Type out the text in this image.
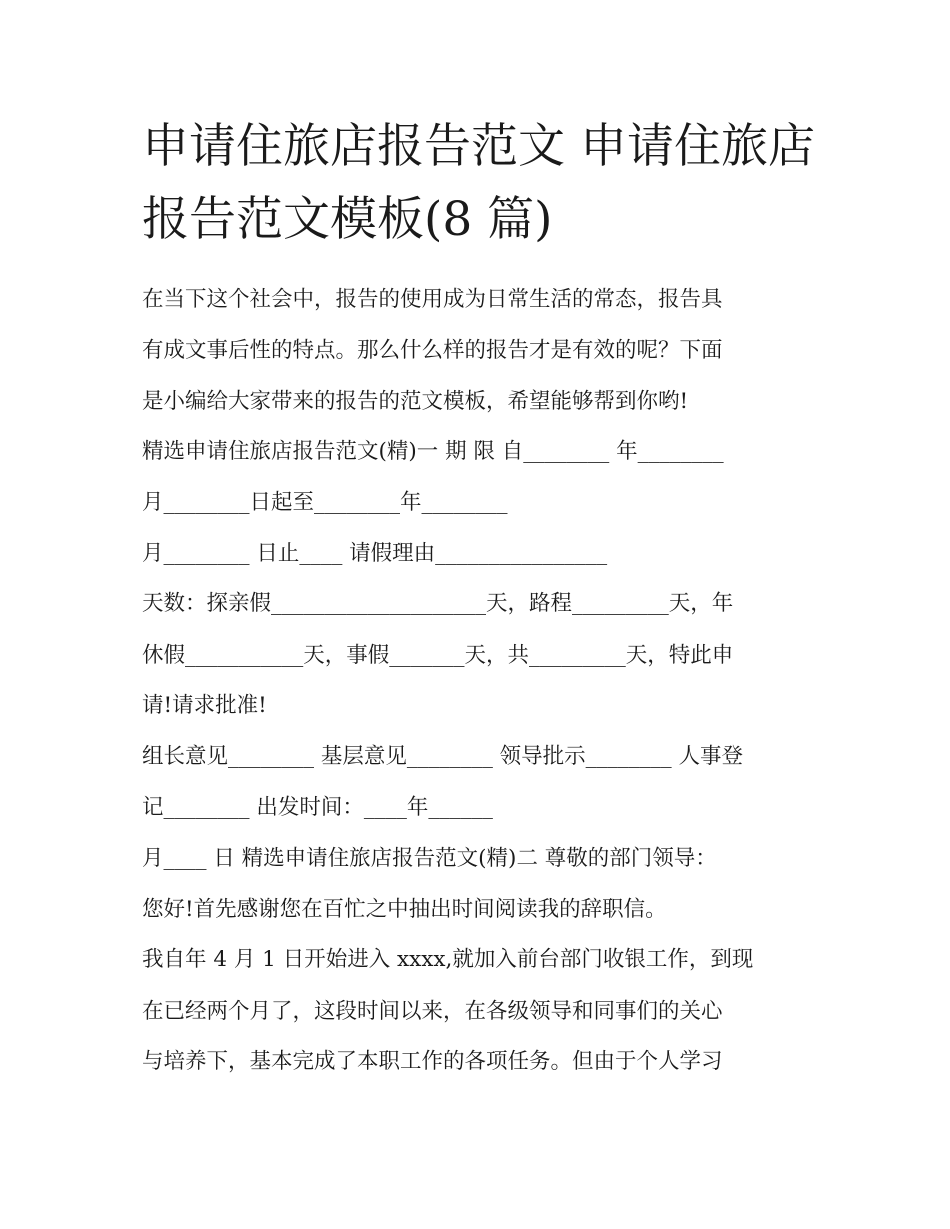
申请住旅店报告范文 申请住旅店报告范文模板(8 篇)
在当下这个社会中，报告的使用成为日常生活的常态，报告具
有成文事后性的特点。那么什么样的报告才是有效的呢？下面
是小编给大家带来的报告的范文模板，希望能够帮到你哟!
精选申请住旅店报告范文(精)一 期 限 自________ 年________
月________日起至________年________
月________ 日止____ 请假理由________________
天数：探亲假____________________天，路程_________天，年
休假___________天，事假_______天，共_________天，特此申
请!请求批准!
组长意见________ 基层意见________ 领导批示________ 人事登
记________ 出发时间：____年______
月____ 日 精选申请住旅店报告范文(精)二 尊敬的部门领导：
您好!首先感谢您在百忙之中抽出时间阅读我的辞职信。
我自年 4 月 1 日开始进入 xxxx,就加入前台部门收银工作，到现
在已经两个月了，这段时间以来，在各级领导和同事们的关心
与培养下，基本完成了本职工作的各项任务。但由于个人学习
